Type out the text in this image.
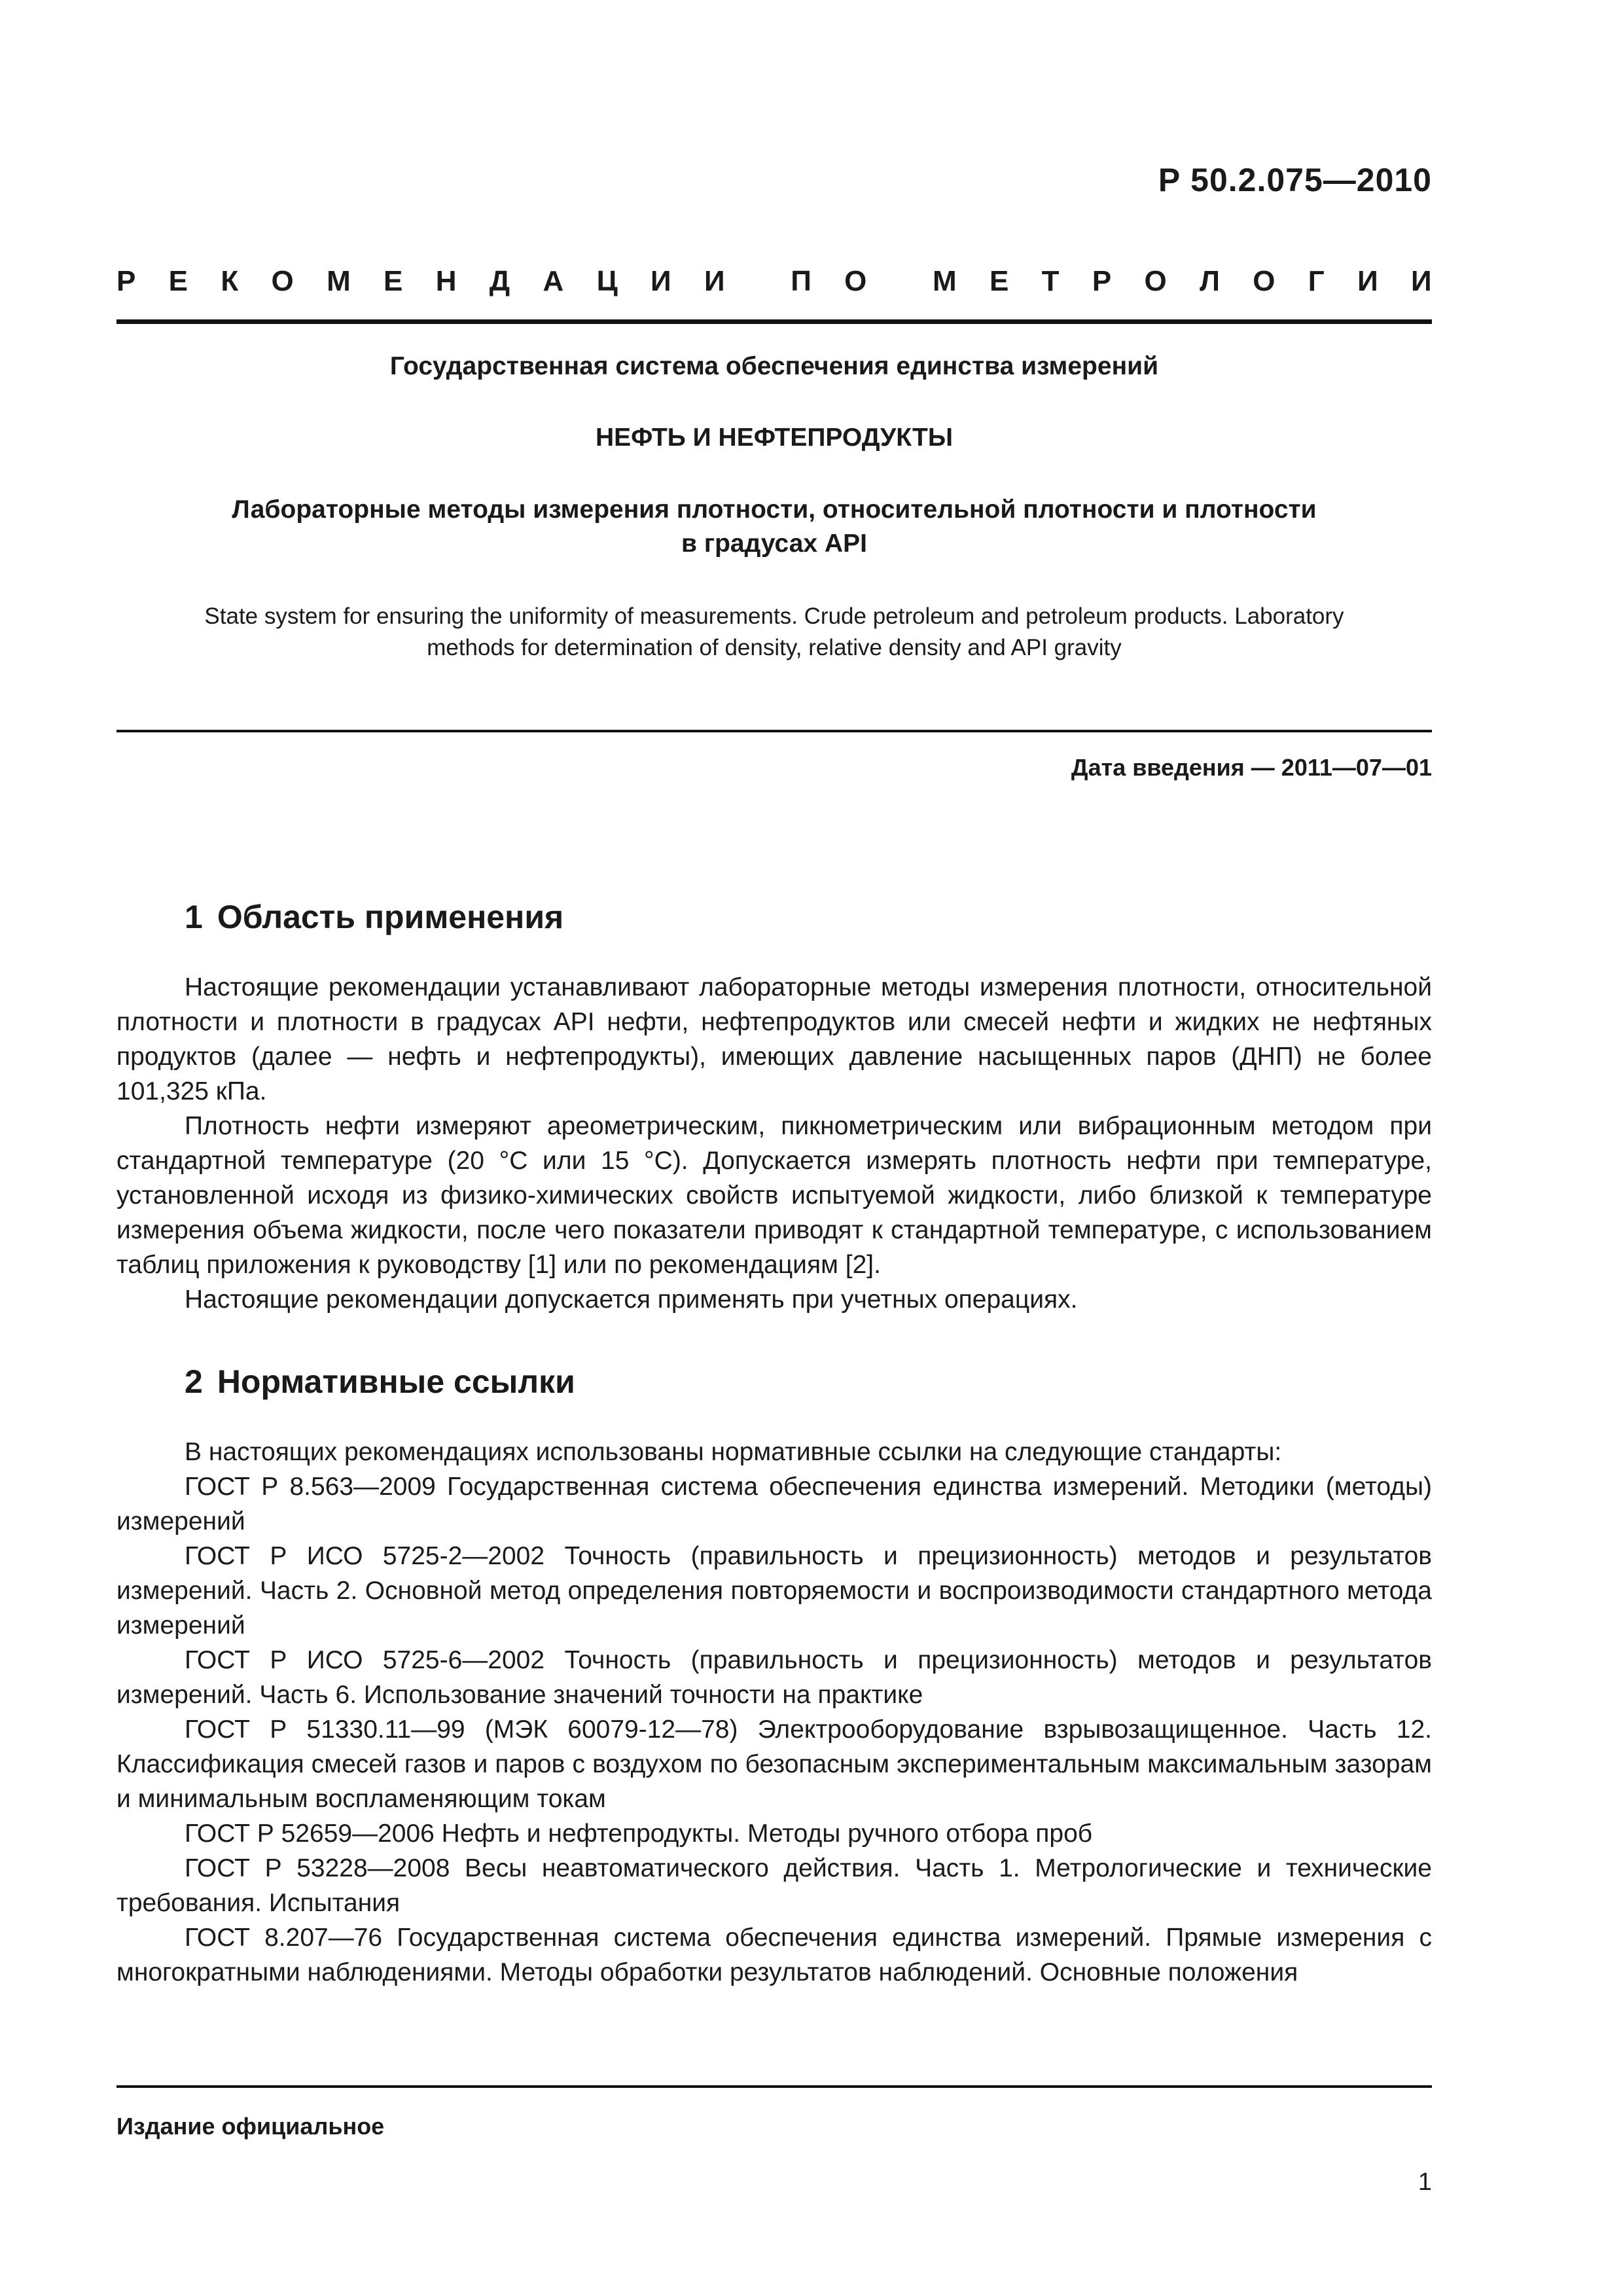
Р 50.2.075—2010
Р Е К О М Е Н Д А Ц И И П О М Е Т Р О Л О Г И И
Государственная система обеспечения единства измерений
НЕФТЬ И НЕФТЕПРОДУКТЫ
Лабораторные методы измерения плотности, относительной плотности и плотности
в градусах API
State system for ensuring the uniformity of measurements. Crude petroleum and petroleum products. Laboratory
methods for determination of density, relative density and API gravity
Дата введения — 2011—07—01
1 Область применения

Настоящие рекомендации устанавливают лабораторные методы измерения плотности, относительной плотности и плотности в градусах API нефти, нефтепродуктов или смесей нефти и жидких не нефтяных продуктов (далее — нефть и нефтепродукты), имеющих давление насыщенных паров (ДНП) не более 101,325 кПа.

Плотность нефти измеряют ареометрическим, пикнометрическим или вибрационным методом при стандартной температуре (20 °С или 15 °С). Допускается измерять плотность нефти при температуре, установленной исходя из физико-химических свойств испытуемой жидкости, либо близкой к температуре измерения объема жидкости, после чего показатели приводят к стандартной температуре, с использованием таблиц приложения к руководству [1] или по рекомендациям [2].

Настоящие рекомендации допускается применять при учетных операциях.

2 Нормативные ссылки

В настоящих рекомендациях использованы нормативные ссылки на следующие стандарты:

ГОСТ Р 8.563—2009 Государственная система обеспечения единства измерений. Методики (методы) измерений

ГОСТ Р ИСО 5725-2—2002 Точность (правильность и прецизионность) методов и результатов измерений. Часть 2. Основной метод определения повторяемости и воспроизводимости стандартного метода измерений

ГОСТ Р ИСО 5725-6—2002 Точность (правильность и прецизионность) методов и результатов измерений. Часть 6. Использование значений точности на практике

ГОСТ Р 51330.11—99 (МЭК 60079-12—78) Электрооборудование взрывозащищенное. Часть 12. Классификация смесей газов и паров с воздухом по безопасным экспериментальным максимальным зазорам и минимальным воспламеняющим токам

ГОСТ Р 52659—2006 Нефть и нефтепродукты. Методы ручного отбора проб

ГОСТ Р 53228—2008 Весы неавтоматического действия. Часть 1. Метрологические и технические требования. Испытания

ГОСТ 8.207—76 Государственная система обеспечения единства измерений. Прямые измерения с многократными наблюдениями. Методы обработки результатов наблюдений. Основные положения

Издание официальное
1
